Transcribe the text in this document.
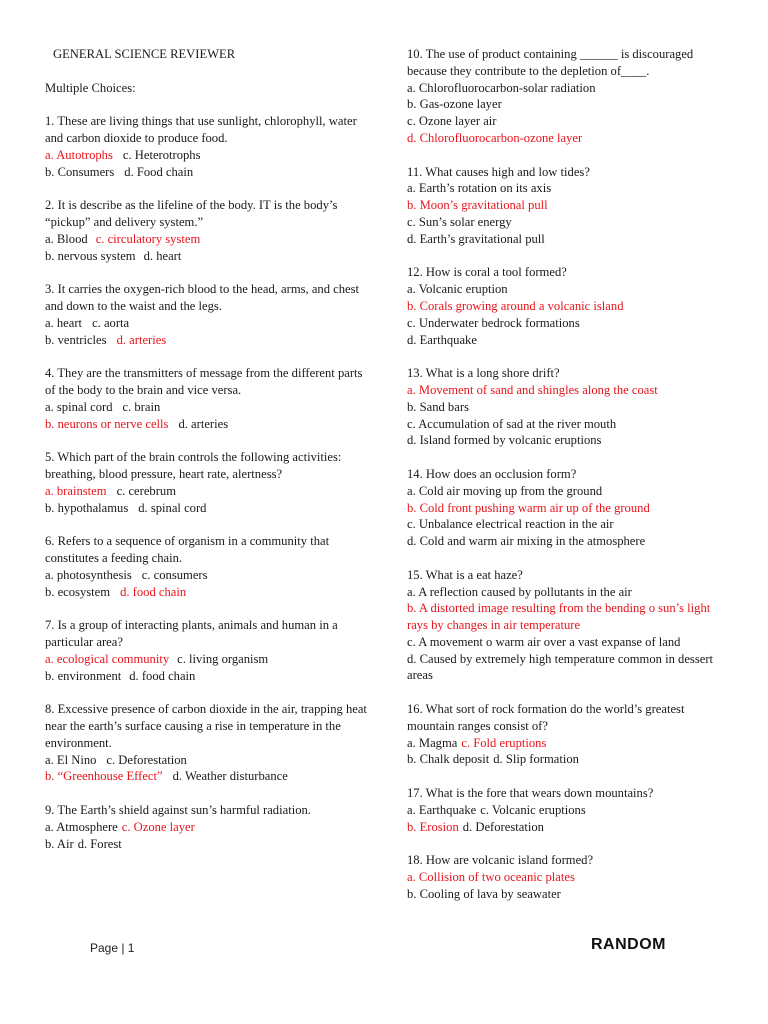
GENERAL SCIENCE REVIEWER
Multiple Choices:
1. These are living things that use sunlight, chlorophyll, water and carbon dioxide to produce food.
a. Autotrophs c. Heterotrophs
b. Consumers d. Food chain
2. It is describe as the lifeline of the body. IT is the body’s “pickup” and delivery system.”
a. Blood c. circulatory system
b. nervous system d. heart
3. It carries the oxygen-rich blood to the head, arms, and chest and down to the waist and the legs.
a. heart c. aorta
b. ventricles d. arteries
4. They are the transmitters of message from the different parts of the body to the brain and vice versa.
a. spinal cord c. brain
b. neurons or nerve cells d. arteries
5. Which part of the brain controls the following activities: breathing, blood pressure, heart rate, alertness?
a. brainstem c. cerebrum
b. hypothalamus d. spinal cord
6. Refers to a sequence of organism in a community that constitutes a feeding chain.
a. photosynthesis c. consumers
b. ecosystem d. food chain
7. Is a group of interacting plants, animals and human in a particular area?
a. ecological community c. living organism
b. environment d. food chain
8. Excessive presence of carbon dioxide in the air, trapping heat near the earth’s surface causing a rise in temperature in the environment.
a. El Nino c. Deforestation
b. “Greenhouse Effect” d. Weather disturbance
9. The Earth’s shield against sun’s harmful radiation.
a. Atmosphere c. Ozone layer
b. Air d. Forest
10. The use of product containing ______ is discouraged because they contribute to the depletion of____.
a. Chlorofluorocarbon-solar radiation
b. Gas-ozone layer
c. Ozone layer air
d. Chlorofluorocarbon-ozone layer
11. What causes high and low tides?
a. Earth’s rotation on its axis
b. Moon’s gravitational pull
c. Sun’s solar energy
d. Earth’s gravitational pull
12. How is coral a tool formed?
a. Volcanic eruption
b. Corals growing around a volcanic island
c. Underwater bedrock formations
d. Earthquake
13. What is a long shore drift?
a. Movement of sand and shingles along the coast
b. Sand bars
c. Accumulation of sad at the river mouth
d. Island formed by volcanic eruptions
14. How does an occlusion form?
a. Cold air moving up from the ground
b. Cold front pushing warm air up of the ground
c. Unbalance electrical reaction in the air
d. Cold and warm air mixing in the atmosphere
15. What is a eat haze?
a. A reflection caused by pollutants in the air
b. A distorted image resulting from the bending o sun’s light rays by changes in air temperature
c. A movement o warm air over a vast expanse of land
d. Caused by extremely high temperature common in dessert areas
16. What sort of rock formation do the world’s greatest mountain ranges consist of?
a. Magma c. Fold eruptions
b. Chalk deposit d. Slip formation
17. What is the fore that wears down mountains?
a. Earthquake c. Volcanic eruptions
b. Erosion d. Deforestation
18. How are volcanic island formed?
a. Collision of two oceanic plates
b. Cooling of lava by seawater
Page | 1	RANDOM
